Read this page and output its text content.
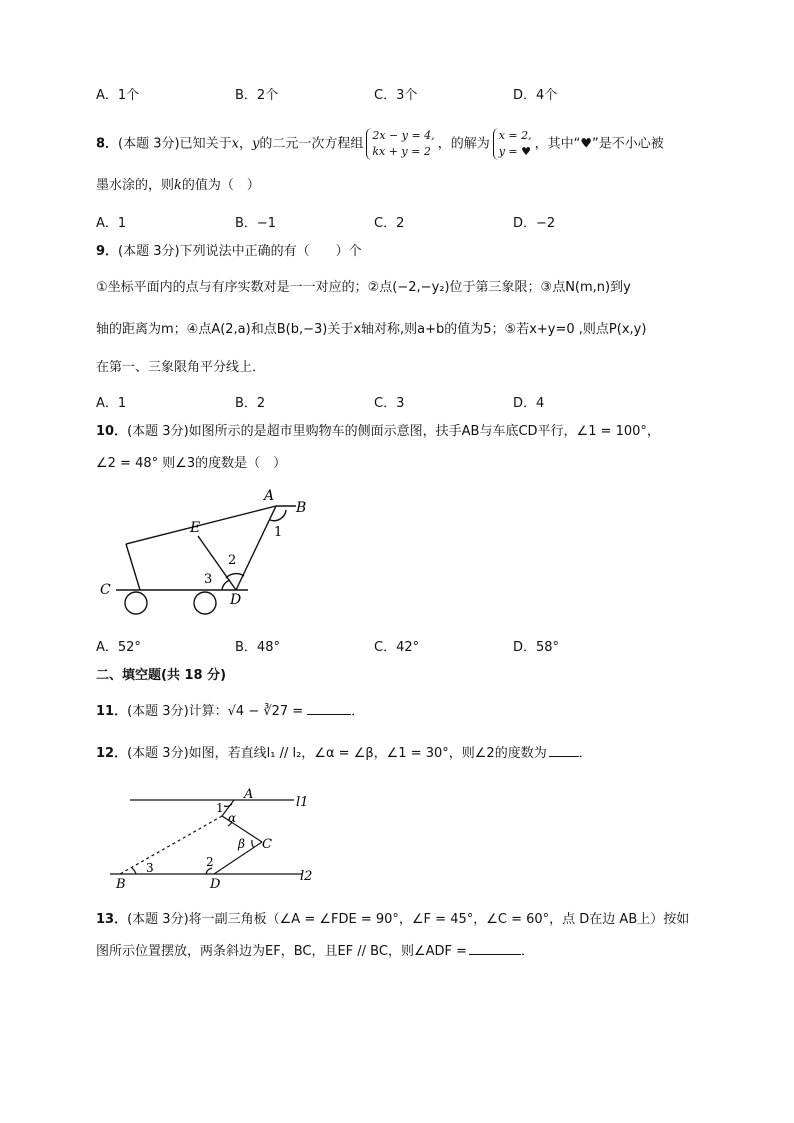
A．1个	B．2个	C．3个	D．4个
8．(本题 3分)已知关于x，y的二元一次方程组
2x − y = 4,
kx + y = 2 ，的解为
x = 2,
y = ♥ ，其中“♥”是不小心被
墨水涂的，则k的值为（　）
A．1	B．−1	C．2	D．−2
9．(本题 3分)下列说法中正确的有（　　）个
①坐标平面内的点与有序实数对是一一对应的；②点(−2,−y₂)位于第三象限；③点N(m,n)到y
轴的距离为m；④点A(2,a)和点B(b,−3)关于x轴对称,则a+b的值为5；⑤若x+y=0 ,则点P(x,y)
在第一、三象限角平分线上．
A．1	B．2	C．3	D．4
10．(本题 3分)如图所示的是超市里购物车的侧面示意图，扶手AB与车底CD平行，∠1 = 100°，
∠2 = 48° 则∠3的度数是（　）
A
B
E	1
2
3
C
D
A．52°	B．48°	C．42°	D．58°
二、填空题(共 18 分)
11．(本题 3分)计算：√4 − ∛27 =	．
12．(本题 3分)如图，若直线l₁ // l₂，∠α = ∠β，∠1 = 30°，则∠2的度数为 ．
A
l1
1
α
β C
2
3
B	D
l2
13．(本题 3分)将一副三角板（∠A = ∠FDE = 90°，∠F = 45°，∠C = 60°，点 D在边 AB上）按如
图所示位置摆放，两条斜边为EF，BC，且EF // BC，则∠ADF =	．
